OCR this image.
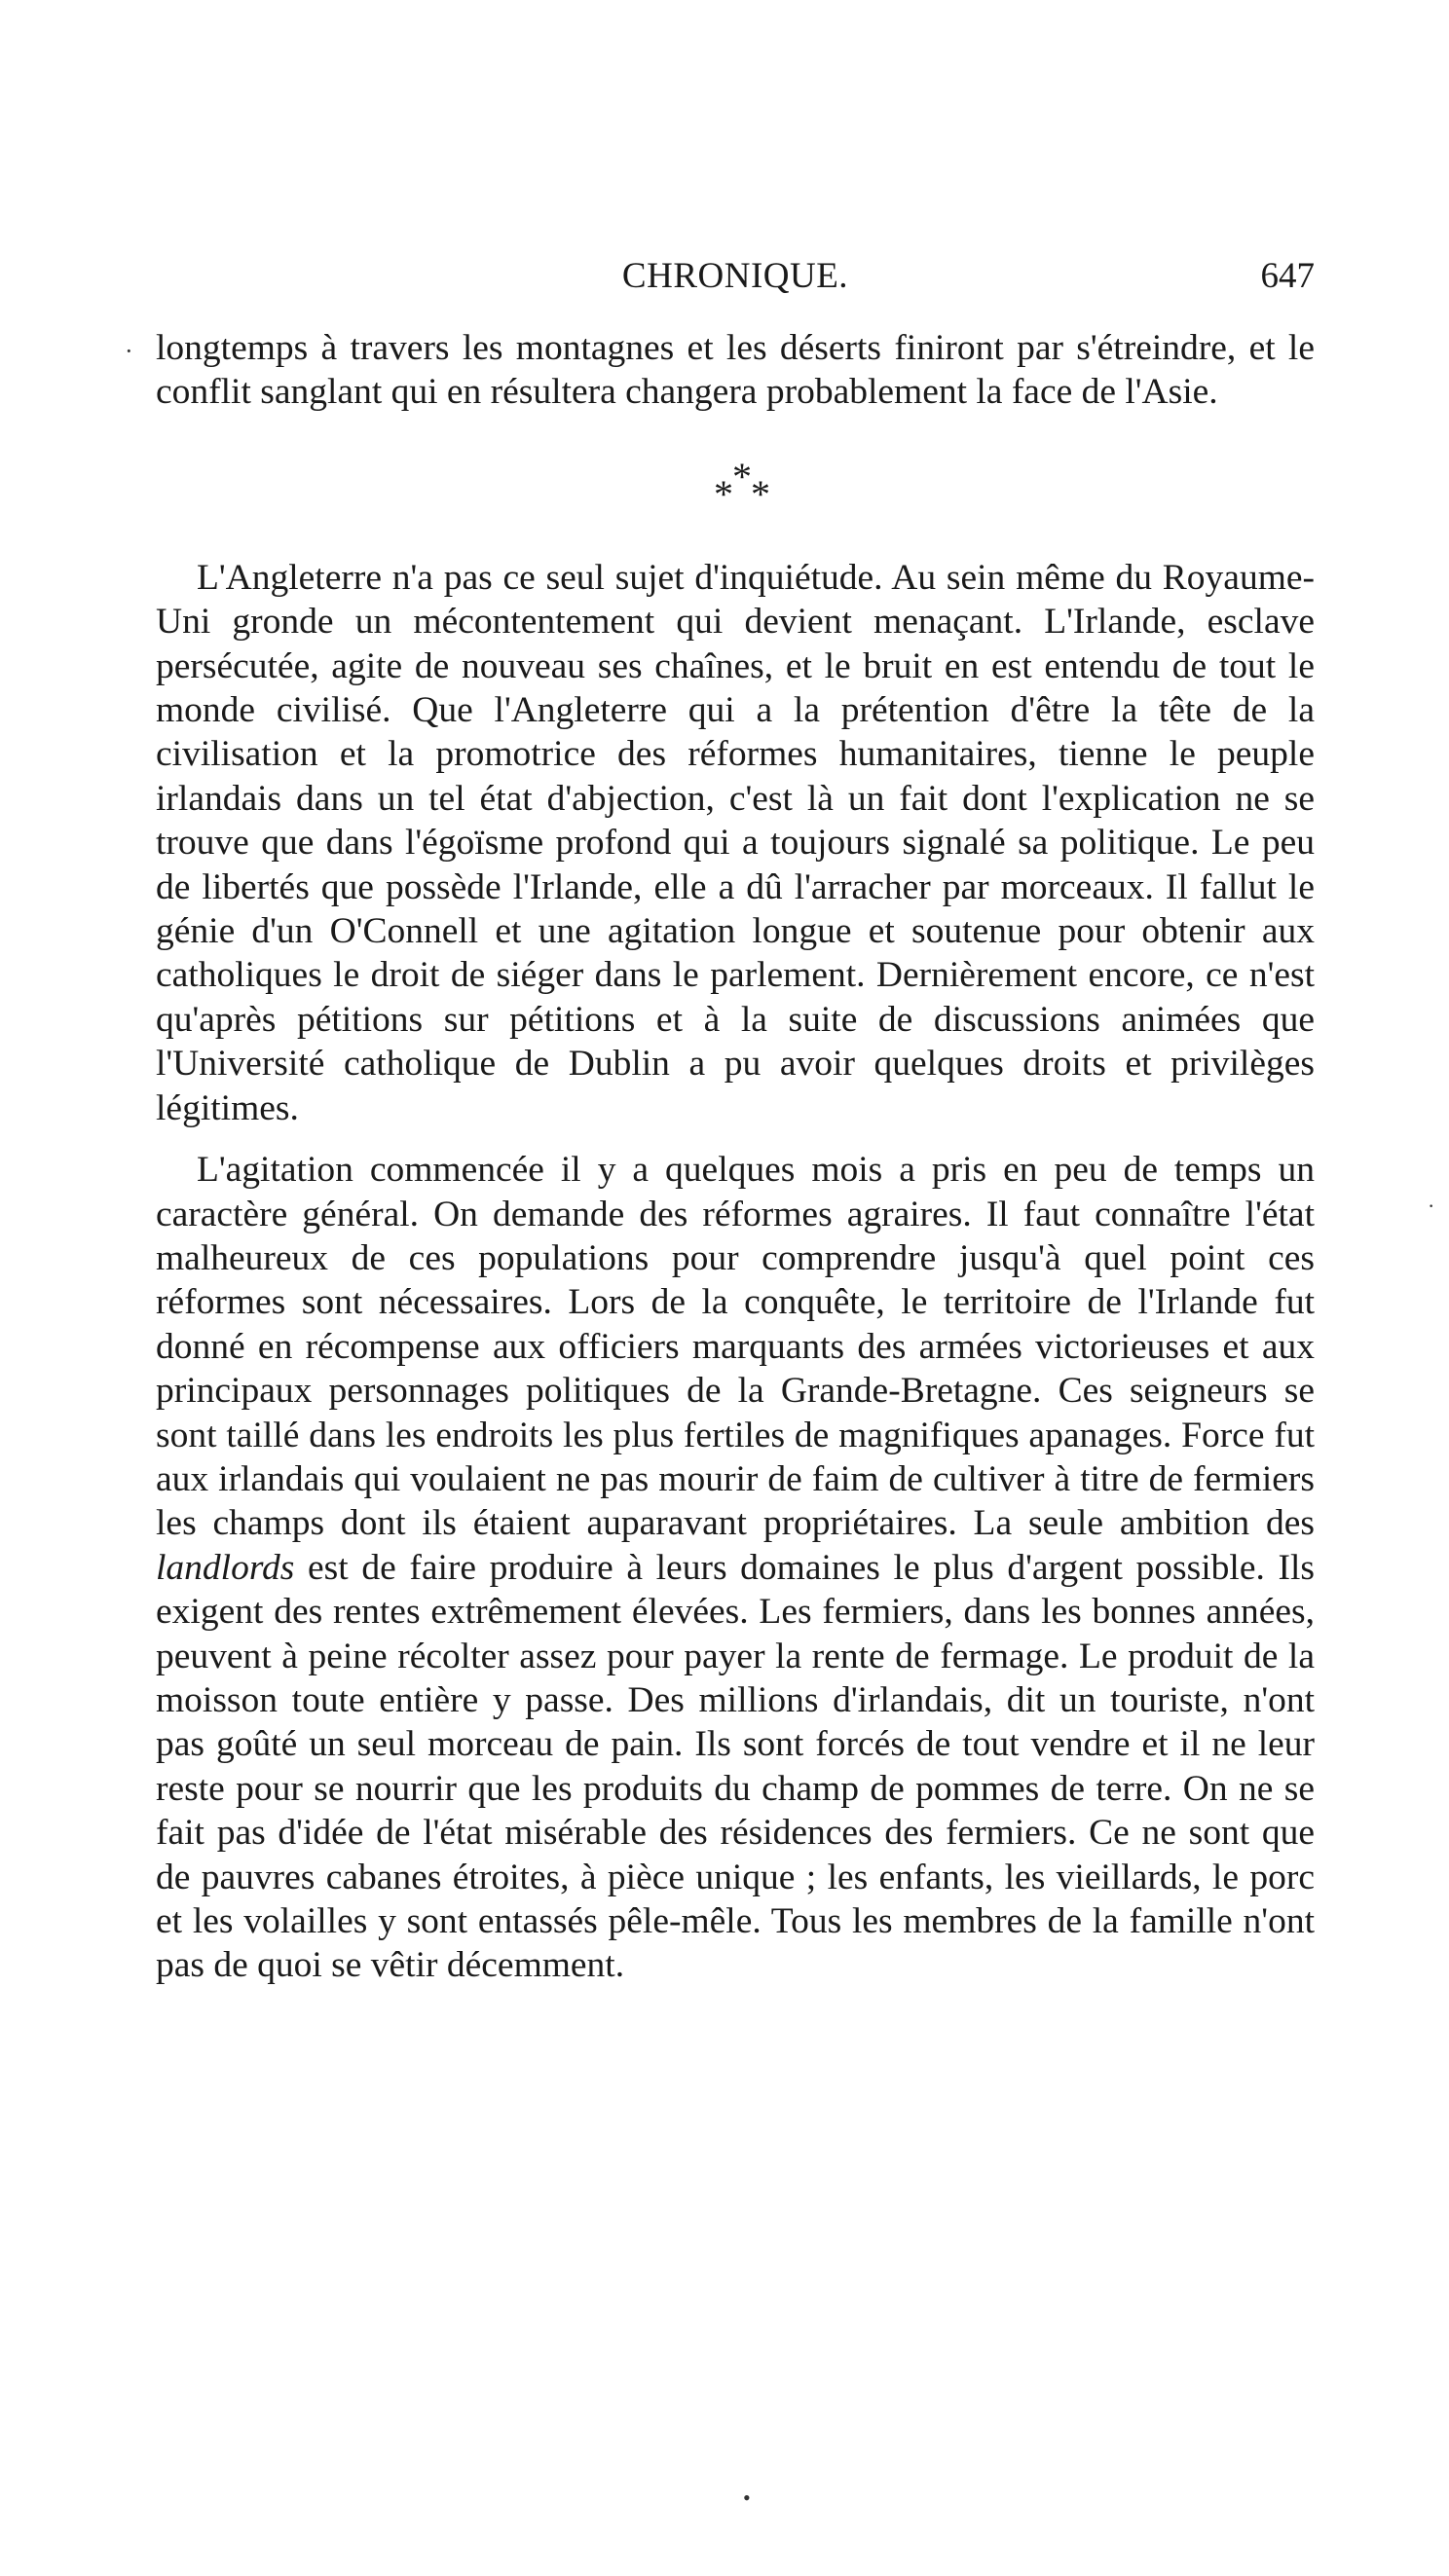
·
·
CHRONIQUE.	647

longtemps à travers les montagnes et les déserts finiront par s'étreindre, et le conflit sanglant qui en résultera changera probablement la face de l'Asie.

* * *

L'Angleterre n'a pas ce seul sujet d'inquiétude. Au sein même du Royaume-Uni gronde un mécontentement qui devient menaçant. L'Irlande, esclave persécutée, agite de nouveau ses chaînes, et le bruit en est entendu de tout le monde civilisé. Que l'Angleterre qui a la prétention d'être la tête de la civilisation et la promotrice des réformes humanitaires, tienne le peuple irlandais dans un tel état d'abjection, c'est là un fait dont l'explication ne se trouve que dans l'égoïsme profond qui a toujours signalé sa politique. Le peu de libertés que possède l'Irlande, elle a dû l'arracher par morceaux. Il fallut le génie d'un O'Connell et une agitation longue et soutenue pour obtenir aux catholiques le droit de siéger dans le parlement. Dernièrement encore, ce n'est qu'après pétitions sur pétitions et à la suite de discussions animées que l'Université catholique de Dublin a pu avoir quelques droits et privilèges légitimes.

L'agitation commencée il y a quelques mois a pris en peu de temps un caractère général. On demande des réformes agraires. Il faut connaître l'état malheureux de ces populations pour comprendre jusqu'à quel point ces réformes sont nécessaires. Lors de la conquête, le territoire de l'Irlande fut donné en récompense aux officiers marquants des armées victorieuses et aux principaux personnages politiques de la Grande-Bretagne. Ces seigneurs se sont taillé dans les endroits les plus fertiles de magnifiques apanages. Force fut aux irlandais qui voulaient ne pas mourir de faim de cultiver à titre de fermiers les champs dont ils étaient auparavant propriétaires. La seule ambition des landlords est de faire produire à leurs domaines le plus d'argent possible. Ils exigent des rentes extrêmement élevées. Les fermiers, dans les bonnes années, peuvent à peine récolter assez pour payer la rente de fermage. Le produit de la moisson toute entière y passe. Des millions d'irlandais, dit un touriste, n'ont pas goûté un seul morceau de pain. Ils sont forcés de tout vendre et il ne leur reste pour se nourrir que les produits du champ de pommes de terre. On ne se fait pas d'idée de l'état misérable des résidences des fermiers. Ce ne sont que de pauvres cabanes étroites, à pièce unique ; les enfants, les vieillards, le porc et les volailles y sont entassés pêle-mêle. Tous les membres de la famille n'ont pas de quoi se vêtir décemment.

•
